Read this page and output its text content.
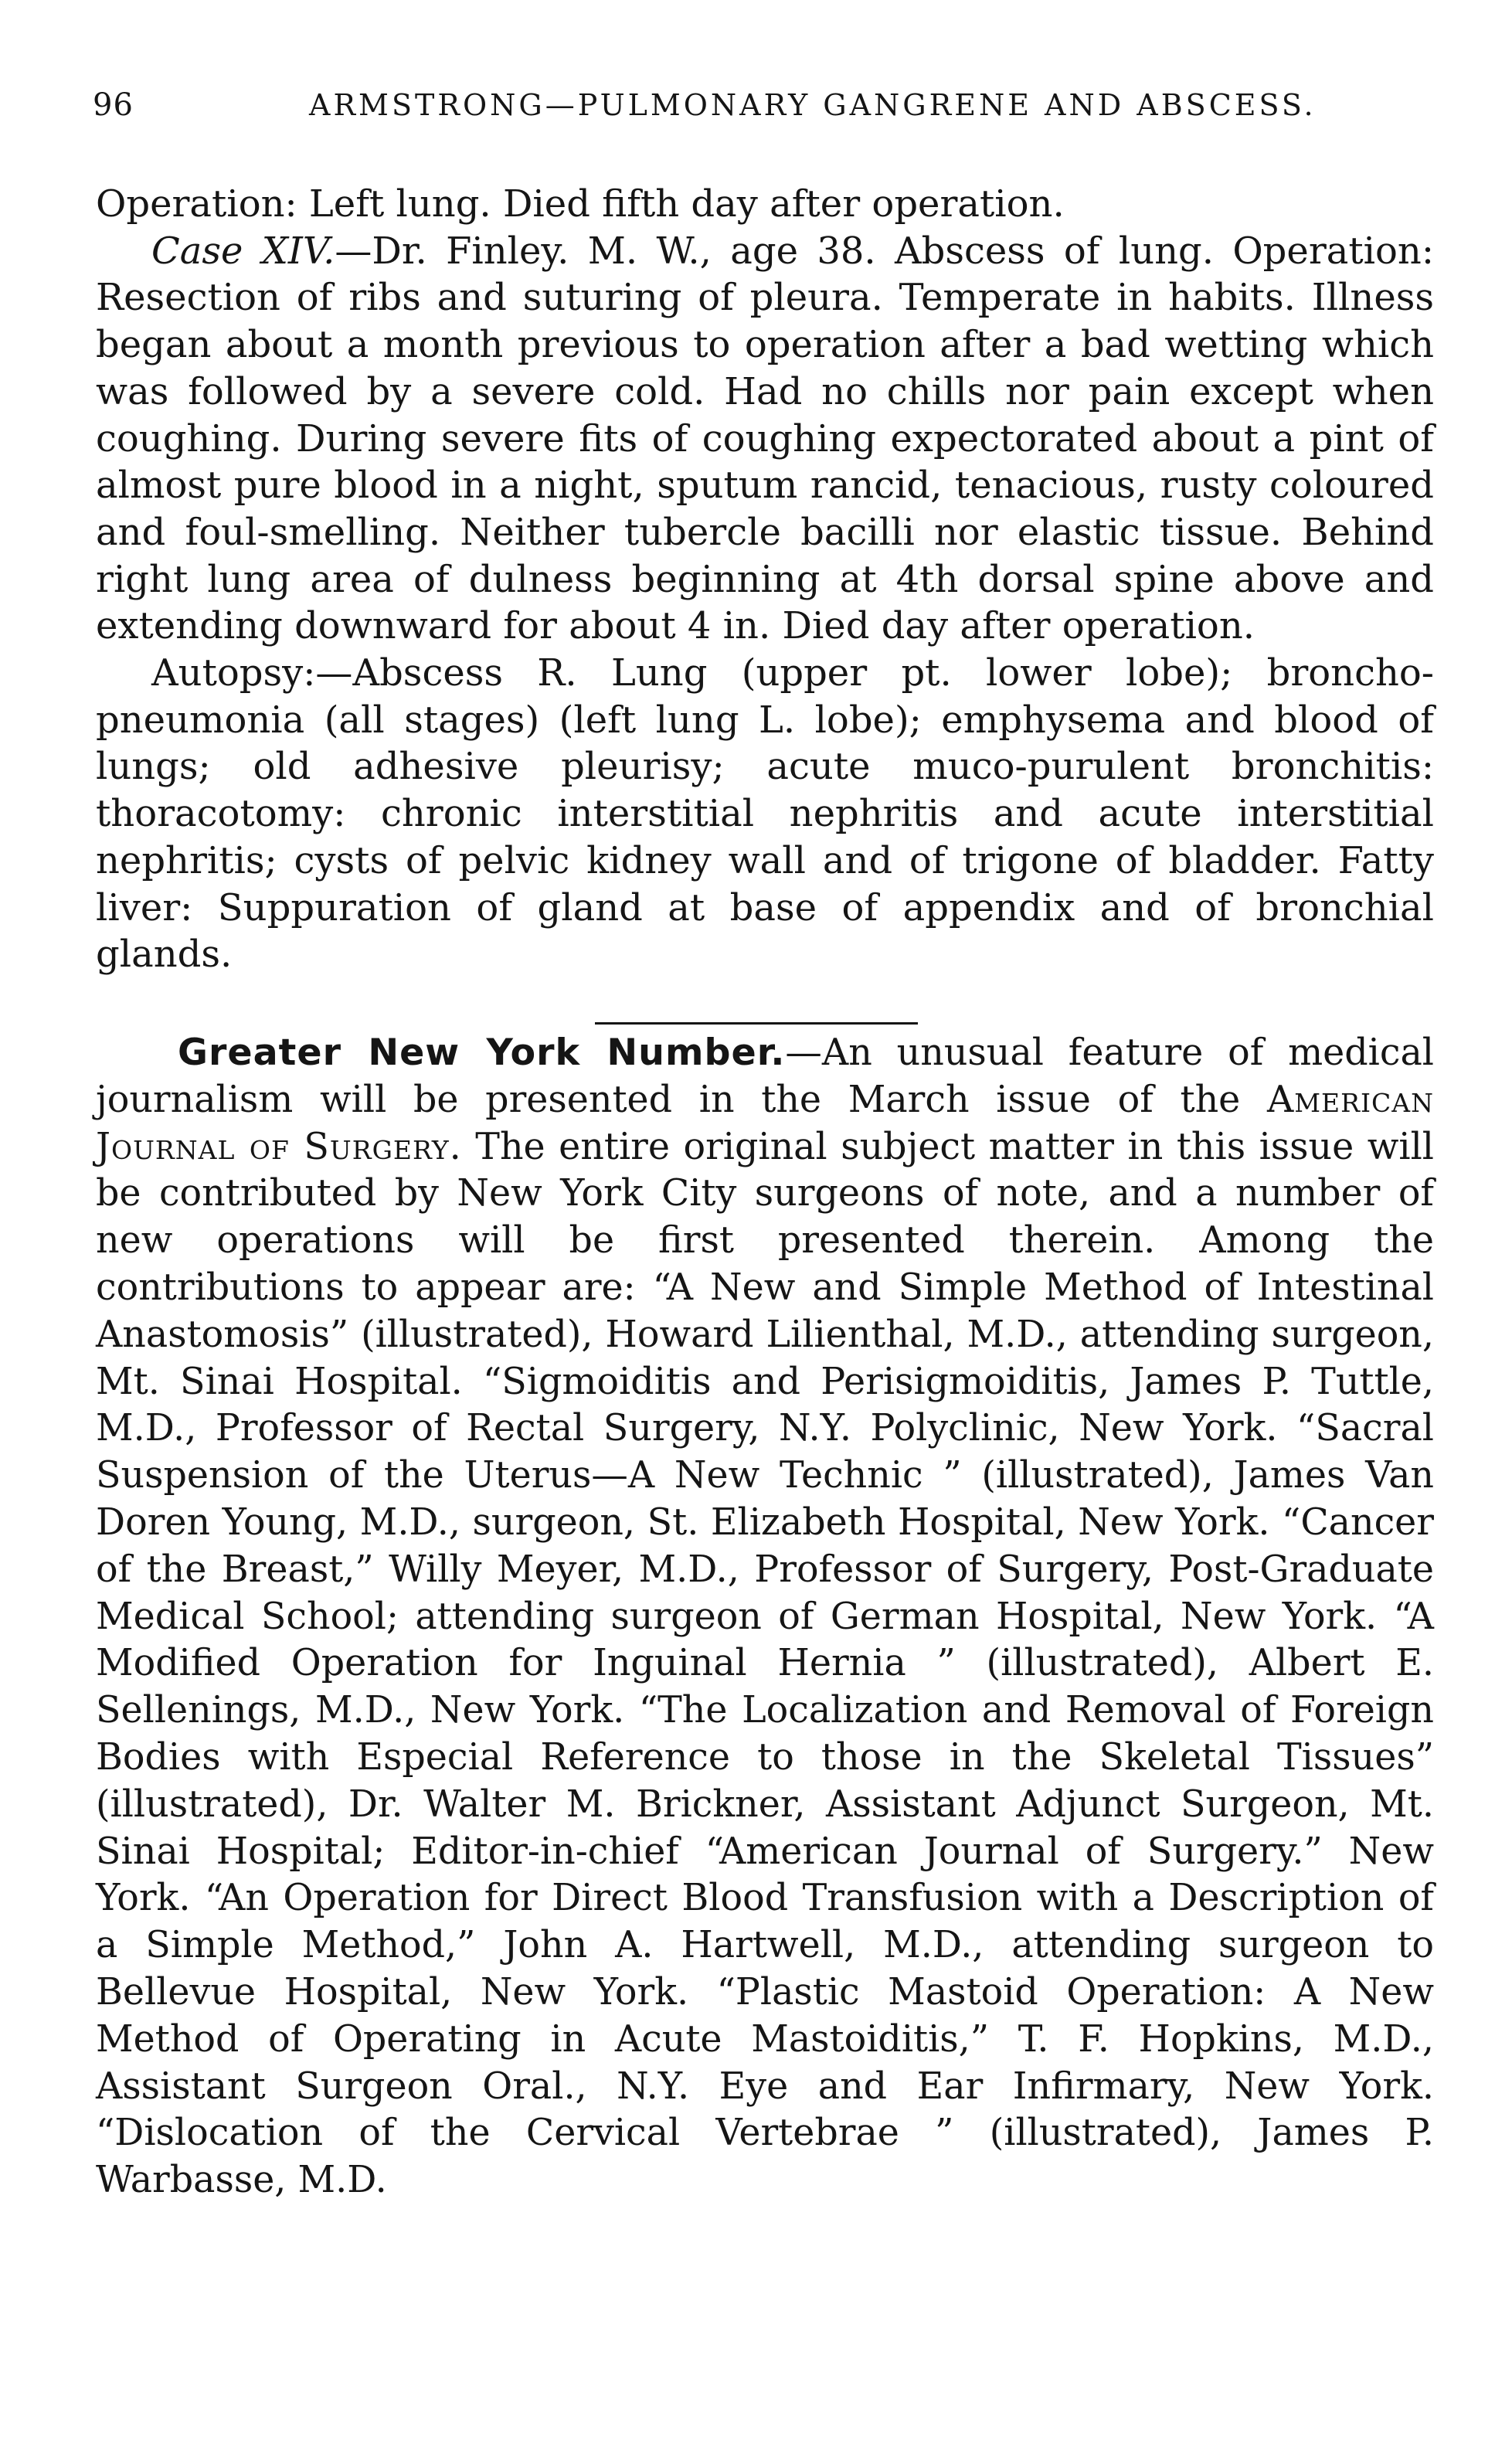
96	ARMSTRONG—PULMONARY GANGRENE AND ABSCESS.

Operation: Left lung. Died fifth day after operation.

Case XIV.—Dr. Finley. M. W., age 38. Abscess of lung. Operation: Resection of ribs and suturing of pleura. Temperate in habits. Illness began about a month previous to operation after a bad wetting which was followed by a severe cold. Had no chills nor pain except when coughing. During severe fits of coughing expectorated about a pint of almost pure blood in a night, sputum rancid, tenacious, rusty coloured and foul-smelling. Neither tubercle bacilli nor elastic tissue. Behind right lung area of dulness beginning at 4th dorsal spine above and extending downward for about 4 in. Died day after operation.

Autopsy:—Abscess R. Lung (upper pt. lower lobe); broncho-pneumonia (all stages) (left lung L. lobe); emphysema and blood of lungs; old adhesive pleurisy; acute muco-purulent bronchitis: thoracotomy: chronic interstitial nephritis and acute interstitial nephritis; cysts of pelvic kidney wall and of trigone of bladder. Fatty liver: Suppuration of gland at base of appendix and of bronchial glands.

Greater New York Number.—An unusual feature of medical journalism will be presented in the March issue of the American Journal of Surgery. The entire original subject matter in this issue will be contributed by New York City surgeons of note, and a number of new operations will be first presented therein. Among the contributions to appear are: “A New and Simple Method of Intestinal Anastomosis” (illustrated), Howard Lilienthal, M.D., attending surgeon, Mt. Sinai Hospital. “Sigmoiditis and Perisigmoiditis, James P. Tuttle, M.D., Professor of Rectal Surgery, N.Y. Polyclinic, New York. “Sacral Suspension of the Uterus—A New Technic ” (illustrated), James Van Doren Young, M.D., surgeon, St. Elizabeth Hospital, New York. “Cancer of the Breast,” Willy Meyer, M.D., Professor of Surgery, Post-Graduate Medical School; attending surgeon of German Hospital, New York. “A Modified Operation for Inguinal Hernia ” (illustrated), Albert E. Sellenings, M.D., New York. “The Localization and Removal of Foreign Bodies with Especial Reference to those in the Skeletal Tissues” (illustrated), Dr. Walter M. Brickner, Assistant Adjunct Surgeon, Mt. Sinai Hospital; Editor-in-chief “American Journal of Surgery.” New York. “An Operation for Direct Blood Transfusion with a Description of a Simple Method,” John A. Hartwell, M.D., attending surgeon to Bellevue Hospital, New York. “Plastic Mastoid Operation: A New Method of Operating in Acute Mastoiditis,” T. F. Hopkins, M.D., Assistant Surgeon Oral., N.Y. Eye and Ear Infirmary, New York. “Dislocation of the Cervical Vertebrae ” (illustrated), James P. Warbasse, M.D.
